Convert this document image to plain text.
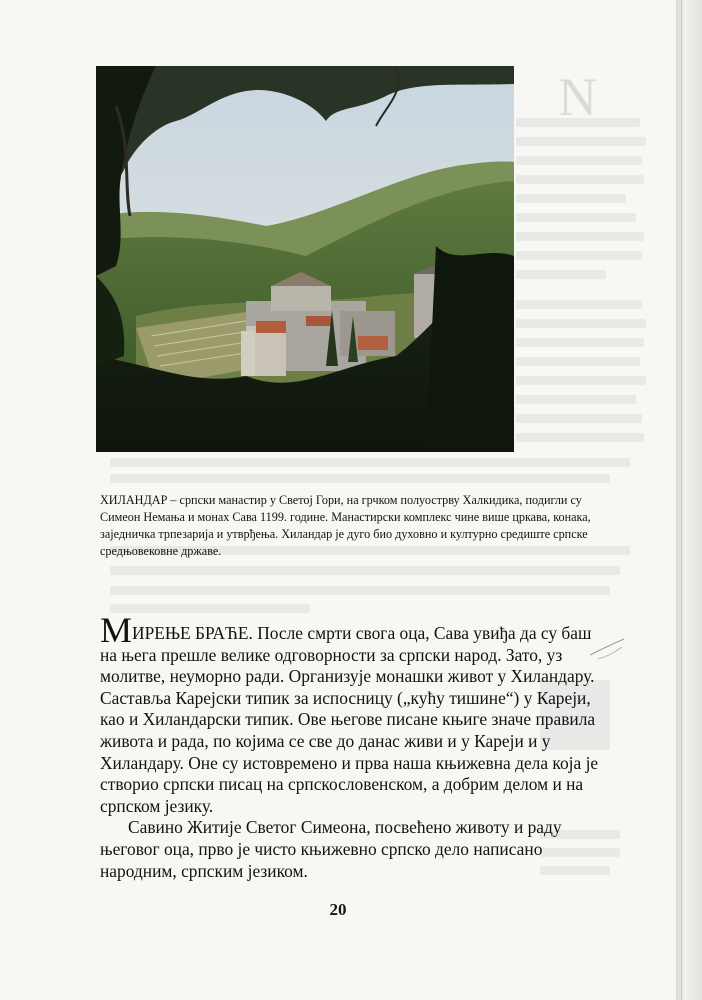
ХИЛАНДАР – српски манастир у Светој Гори, на грчком полуострву Халкидика, подигли су Симеон Немања и монах Сава 1199. године. Манастирски комплекс чине више цркава, конака, заједничка трпезарија и утврђења. Хиландар је дуго био духовно и културно средиште српске средњовековне државе.

МИРЕЊЕ БРАЋЕ. После смрти свога оца, Сава увиђа да су баш на њега прешле велике одговорности за српски народ. Зато, уз молитве, неуморно ради. Организује монашки живот у Хиландару. Саставља Карејски типик за испосницу („кућу тишине“) у Кареји, као и Хиландарски типик. Ове његове писане књиге значе правила живота и рада, по којима се све до данас живи и у Кареји и у Хиландару. Оне су истовремено и прва наша књижевна дела која је створио српски писац на српскословенском, а добрим делом и на српском језику.

Савино Житије Светог Симеона, посвећено животу и раду његовог оца, прво је чисто књижевно српско дело написано народним, српским језиком.

20
